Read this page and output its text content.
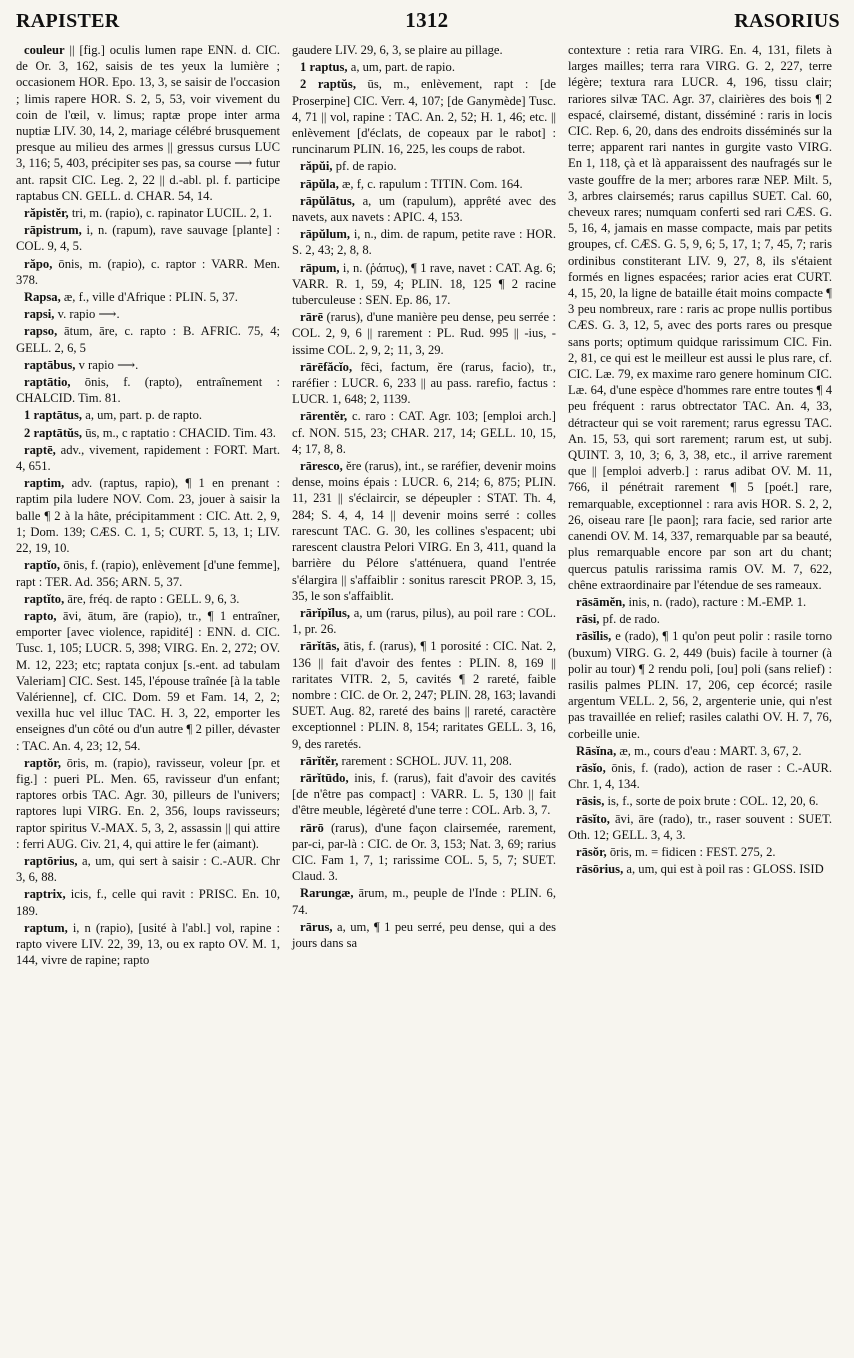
RAPISTER	1312	RASORIUS
couleur || [fig.] oculis lumen rape ENN. d. CIC. de Or. 3, 162, saisis de tes yeux la lumière ; occasionem HOR. Epo. 13, 3, se saisir de l'occasion ; limis rapere HOR. S. 2, 5, 53, voir vivement du coin de l'œil, v. limus; raptæ prope inter arma nuptiæ LIV. 30, 14, 2, mariage célébré brusquement presque au milieu des armes || gressus cursus LUC 3, 116; 5, 403, précipiter ses pas, sa course ⟶ futur ant. rapsit CIC. Leg. 2, 22 || d.-abl. pl. f. participe raptabus CN. GELL. d. CHAR. 54, 14.
răpistĕr, tri, m. (rapio), c. rapinator LUCIL. 2, 1.
rāpistrum, i, n. (rapum), rave sauvage [plante] : COL. 9, 4, 5.
răpo, ōnis, m. (rapio), c. raptor : VARR. Men. 378.
Rapsa, æ, f., ville d'Afrique : PLIN. 5, 37.
rapsi, v. rapio ⟶.
rapso, ātum, āre, c. rapto : B. AFRIC. 75, 4; GELL. 2, 6, 5
raptābus, v rapio ⟶.
raptātio, ōnis, f. (rapto), entraînement : CHALCID. Tim. 81.
1 raptātus, a, um, part. p. de rapto.
2 raptātŭs, ūs, m., c raptatio : CHACID. Tim. 43.
raptē, adv., vivement, rapidement : FORT. Mart. 4, 651.
raptim, adv. (raptus, rapio), ¶ 1 en prenant : raptim pila ludere NOV. Com. 23, jouer à saisir la balle ¶ 2 à la hâte, précipitamment : CIC. Att. 2, 9, 1; Dom. 139; CÆS. C. 1, 5; CURT. 5, 13, 1; LIV. 22, 19, 10.
raptĭo, ōnis, f. (rapio), enlèvement [d'une femme], rapt : TER. Ad. 356; ARN. 5, 37.
raptĭto, āre, fréq. de rapto : GELL. 9, 6, 3.
rapto, āvi, ātum, āre (rapio), tr., ¶ 1 entraîner, emporter [avec violence, rapidité] : ENN. d. CIC. Tusc. 1, 105; LUCR. 5, 398; VIRG. En. 2, 272; OV. M. 12, 223; etc; raptata conjux [s.-ent. ad tabulam Valeriam] CIC. Sest. 145, l'épouse traînée [à la table Valérienne], cf. CIC. Dom. 59 et Fam. 14, 2, 2; vexilla huc vel illuc TAC. H. 3, 22, emporter les enseignes d'un côté ou d'un autre ¶ 2 piller, dévaster : TAC. An. 4, 23; 12, 54.
raptŏr, ōris, m. (rapio), ravisseur, voleur [pr. et fig.] : pueri PL. Men. 65, ravisseur d'un enfant; raptores orbis TAC. Agr. 30, pilleurs de l'univers; raptores lupi VIRG. En. 2, 356, loups ravisseurs; raptor spiritus V.-MAX. 5, 3, 2, assassin || qui attire : ferri AUG. Civ. 21, 4, qui attire le fer (aimant).
raptōrius, a, um, qui sert à saisir : C.-AUR. Chr 3, 6, 88.
raptrix, icis, f., celle qui ravit : PRISC. En. 10, 189.
raptum, i, n (rapio), [usité à l'abl.] vol, rapine : rapto vivere LIV. 22, 39, 13, ou ex rapto OV. M. 1, 144, vivre de rapine; rapto
gaudere LIV. 29, 6, 3, se plaire au pillage.
1 raptus, a, um, part. de rapio.
2 raptŭs, ūs, m., enlèvement, rapt : [de Proserpine] CIC. Verr. 4, 107; [de Ganymède] Tusc. 4, 71 || vol, rapine : TAC. An. 2, 52; H. 1, 46; etc. || enlèvement [d'éclats, de copeaux par le rabot] : runcinarum PLIN. 16, 225, les coups de rabot.
răpŭi, pf. de rapio.
rāpŭla, æ, f, c. rapulum : TITIN. Com. 164.
rāpŭlātus, a, um (rapulum), apprêté avec des navets, aux navets : APIC. 4, 153.
rāpŭlum, i, n., dim. de rapum, petite rave : HOR. S. 2, 43; 2, 8, 8.
rāpum, i, n. (ῥάπυς), ¶ 1 rave, navet : CAT. Ag. 6; VARR. R. 1, 59, 4; PLIN. 18, 125 ¶ 2 racine tuberculeuse : SEN. Ep. 86, 17.
rārē (rarus), d'une manière peu dense, peu serrée : COL. 2, 9, 6 || rarement : PL. Rud. 995 || -ius, -issime COL. 2, 9, 2; 11, 3, 29.
rārēfăcĭo, fēci, factum, ĕre (rarus, facio), tr., raréfier : LUCR. 6, 233 || au pass. rarefio, factus : LUCR. 1, 648; 2, 1139.
rārentĕr, c. raro : CAT. Agr. 103; [emploi arch.] cf. NON. 515, 23; CHAR. 217, 14; GELL. 10, 15, 4; 17, 8, 8.
rāresco, ĕre (rarus), int., se raréfier, devenir moins dense, moins épais : LUCR. 6, 214; 6, 875; PLIN. 11, 231 || s'éclaircir, se dépeupler : STAT. Th. 4, 284; S. 4, 4, 14 || devenir moins serré : colles rarescunt TAC. G. 30, les collines s'espacent; ubi rarescent claustra Pelori VIRG. En 3, 411, quand la barrière du Pélore s'atténuera, quand l'entrée s'élargira || s'affaiblir : sonitus rarescit PROP. 3, 15, 35, le son s'affaiblit.
rārĭpĭlus, a, um (rarus, pilus), au poil rare : COL. 1, pr. 26.
rārĭtās, ātis, f. (rarus), ¶ 1 porosité : CIC. Nat. 2, 136 || fait d'avoir des fentes : PLIN. 8, 169 || raritates VITR. 2, 5, cavités ¶ 2 rareté, faible nombre : CIC. de Or. 2, 247; PLIN. 28, 163; lavandi SUET. Aug. 82, rareté des bains || rareté, caractère exceptionnel : PLIN. 8, 154; raritates GELL. 3, 16, 9, des raretés.
rārĭtĕr, rarement : SCHOL. JUV. 11, 208.
rārĭtūdo, inis, f. (rarus), fait d'avoir des cavités [de n'être pas compact] : VARR. L. 5, 130 || fait d'être meuble, légèreté d'une terre : COL. Arb. 3, 7.
rārō (rarus), d'une façon clairsemée, rarement, par-ci, par-là : CIC. de Or. 3, 153; Nat. 3, 69; rarius CIC. Fam 1, 7, 1; rarissime COL. 5, 5, 7; SUET. Claud. 3.
Rarungæ, ārum, m., peuple de l'Inde : PLIN. 6, 74.
rārus, a, um, ¶ 1 peu serré, peu dense, qui a des jours dans sa
contexture : retia rara VIRG. En. 4, 131, filets à larges mailles; terra rara VIRG. G. 2, 227, terre légère; textura rara LUCR. 4, 196, tissu clair; rariores silvæ TAC. Agr. 37, clairières des bois ¶ 2 espacé, clairsemé, distant, disséminé : raris in locis CIC. Rep. 6, 20, dans des endroits disséminés sur la terre; apparent rari nantes in gurgite vasto VIRG. En 1, 118, çà et là apparaissent des naufragés sur le vaste gouffre de la mer; arbores raræ NEP. Milt. 5, 3, arbres clairsemés; rarus capillus SUET. Cal. 60, cheveux rares; numquam conferti sed rari CÆS. G. 5, 16, 4, jamais en masse compacte, mais par petits groupes, cf. CÆS. G. 5, 9, 6; 5, 17, 1; 7, 45, 7; raris ordinibus constiterant LIV. 9, 27, 8, ils s'étaient formés en lignes espacées; rarior acies erat CURT. 4, 15, 20, la ligne de bataille était moins compacte ¶ 3 peu nombreux, rare : raris ac prope nullis portibus CÆS. G. 3, 12, 5, avec des ports rares ou presque sans ports; optimum quidque rarissimum CIC. Fin. 2, 81, ce qui est le meilleur est aussi le plus rare, cf. CIC. Læ. 79, ex maxime raro genere hominum CIC. Læ. 64, d'une espèce d'hommes rare entre toutes ¶ 4 peu fréquent : rarus obtrectator TAC. An. 4, 33, détracteur qui se voit rarement; rarus egressu TAC. An. 15, 53, qui sort rarement; rarum est, ut subj. QUINT. 3, 10, 3; 6, 3, 38, etc., il arrive rarement que || [emploi adverb.] : rarus adibat OV. M. 11, 766, il pénétrait rarement ¶ 5 [poét.] rare, remarquable, exceptionnel : rara avis HOR. S. 2, 2, 26, oiseau rare [le paon]; rara facie, sed rarior arte canendi OV. M. 14, 337, remarquable par sa beauté, plus remarquable encore par son art du chant; quercus patulis rarissima ramis OV. M. 7, 622, chêne extraordinaire par l'étendue de ses rameaux.
rāsāmĕn, inis, n. (rado), racture : M.-EMP. 1.
rāsi, pf. de rado.
rāsĭlis, e (rado), ¶ 1 qu'on peut polir : rasile torno (buxum) VIRG. G. 2, 449 (buis) facile à tourner (à polir au tour) ¶ 2 rendu poli, [ou] poli (sans relief) : rasilis palmes PLIN. 17, 206, cep écorcé; rasile argentum VELL. 2, 56, 2, argenterie unie, qui n'est pas travaillée en relief; rasiles calathi OV. H. 7, 76, corbeille unie.
Rāsĭna, æ, m., cours d'eau : MART. 3, 67, 2.
rāsĭo, ōnis, f. (rado), action de raser : C.-AUR. Chr. 1, 4, 134.
rāsis, is, f., sorte de poix brute : COL. 12, 20, 6.
rāsĭto, āvi, āre (rado), tr., raser souvent : SUET. Oth. 12; GELL. 3, 4, 3.
rāsŏr, ōris, m. = fidicen : FEST. 275, 2.
rāsōrius, a, um, qui est à poil ras : GLOSS. ISID
